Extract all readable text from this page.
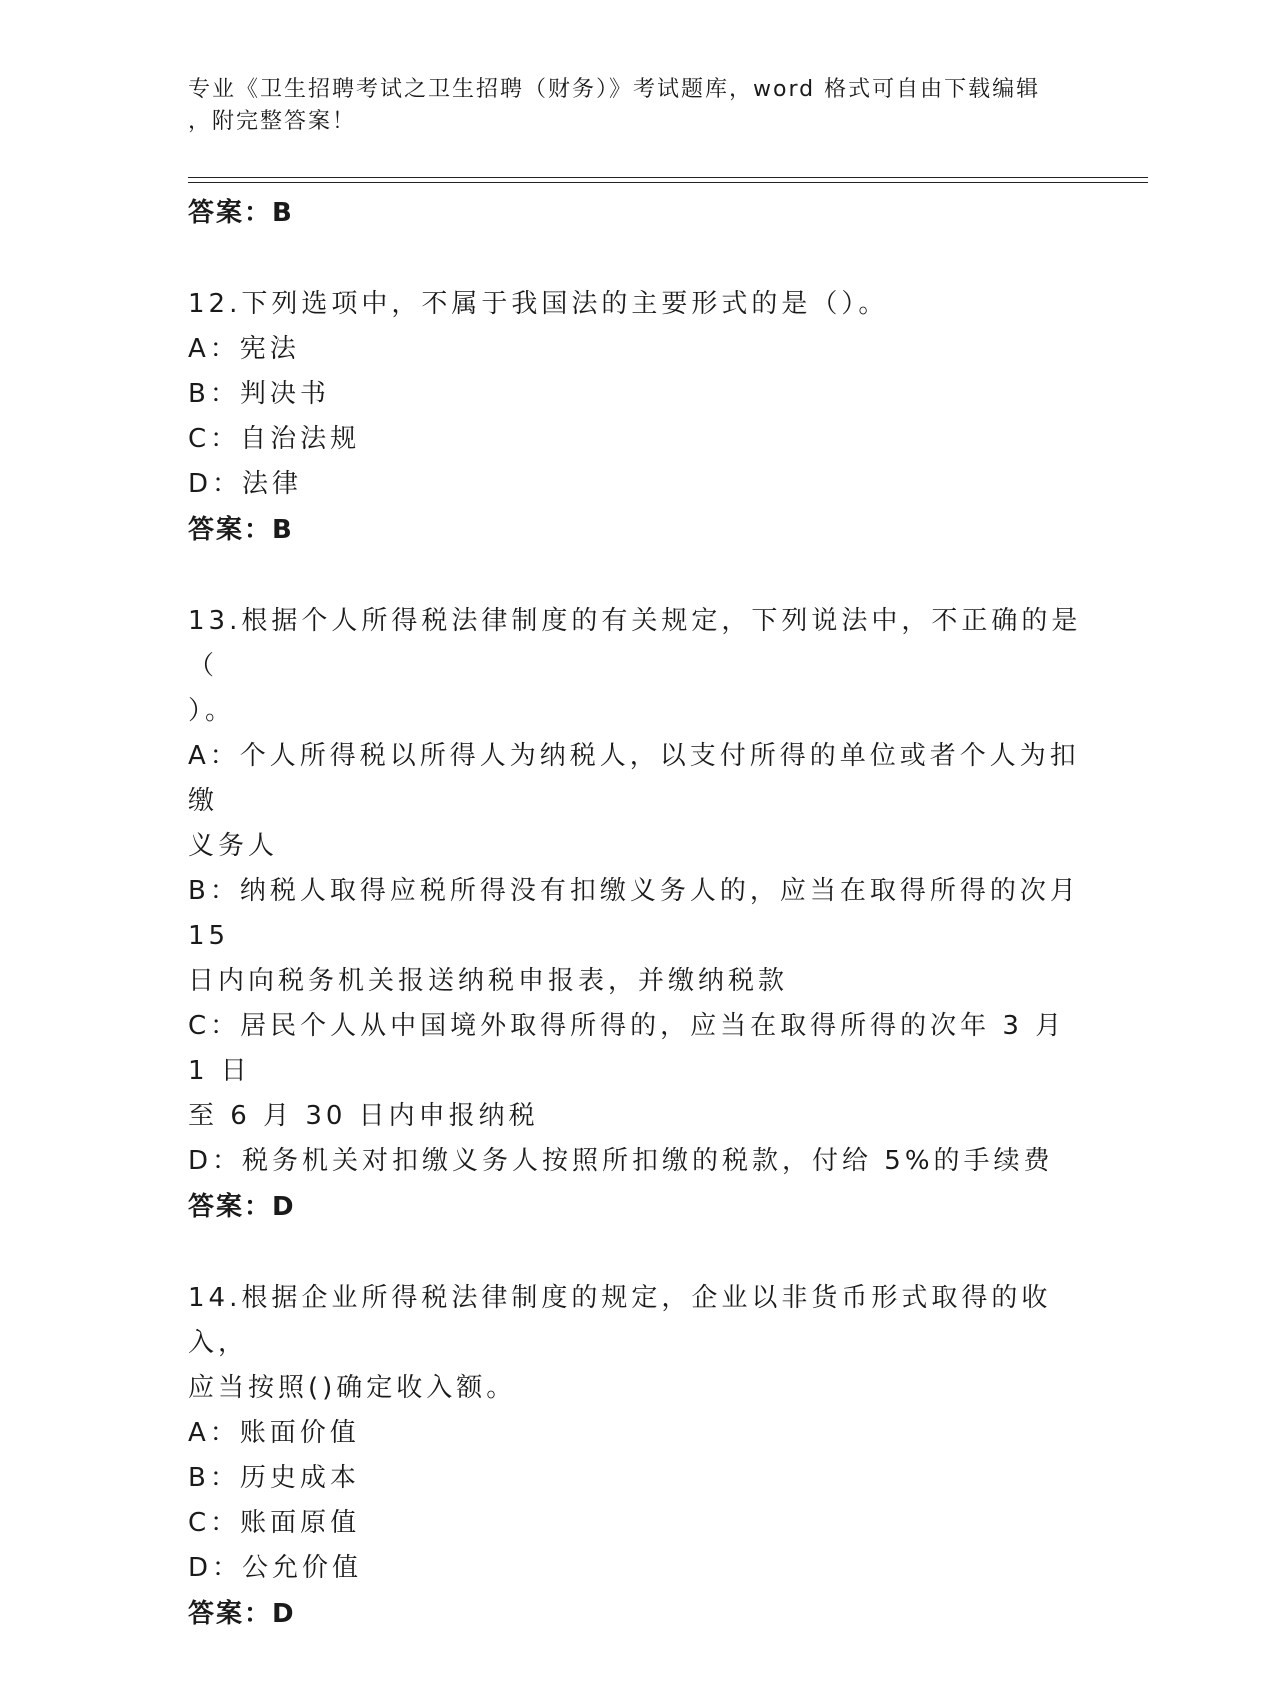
专业《卫生招聘考试之卫生招聘（财务）》考试题库，word 格式可自由下载编辑
，附完整答案！
答案：B
12.下列选项中，不属于我国法的主要形式的是（）。
A：宪法
B：判决书
C：自治法规
D：法律
答案：B
13.根据个人所得税法律制度的有关规定，下列说法中，不正确的是（
）。
A：个人所得税以所得人为纳税人，以支付所得的单位或者个人为扣缴
义务人
B：纳税人取得应税所得没有扣缴义务人的，应当在取得所得的次月 15
日内向税务机关报送纳税申报表，并缴纳税款
C：居民个人从中国境外取得所得的，应当在取得所得的次年 3 月 1 日
至 6 月 30 日内申报纳税
D：税务机关对扣缴义务人按照所扣缴的税款，付给 5%的手续费
答案：D
14.根据企业所得税法律制度的规定，企业以非货币形式取得的收入，
应当按照()确定收入额。
A：账面价值
B：历史成本
C：账面原值
D：公允价值
答案：D
